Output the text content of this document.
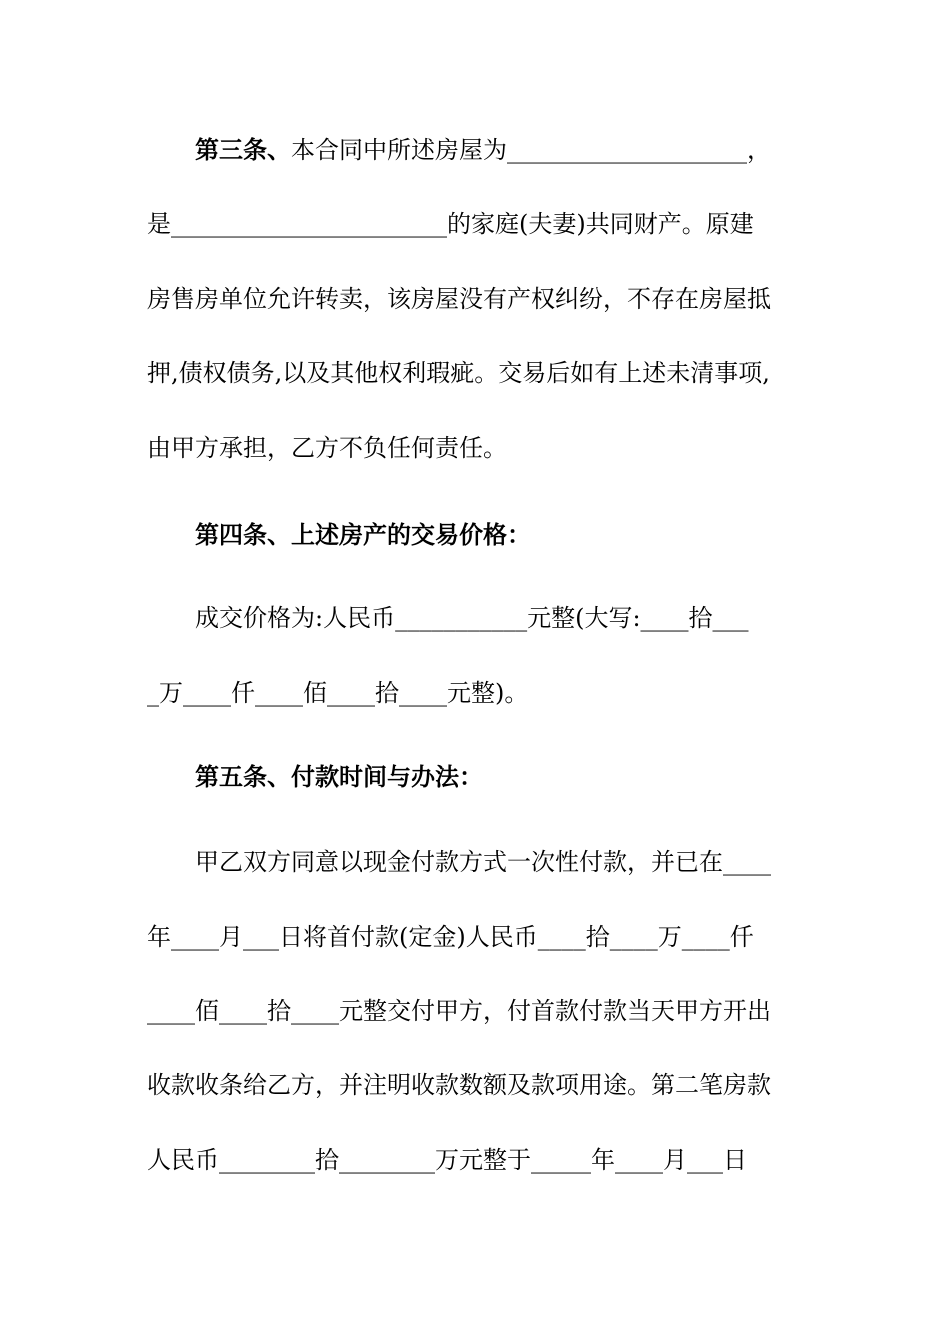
第三条、本合同中所述房屋为____________________，
是_______________________的家庭(夫妻)共同财产。原建
房售房单位允许转卖，该房屋没有产权纠纷，不存在房屋抵
押,债权债务,以及其他权利瑕疵。交易后如有上述未清事项,
由甲方承担，乙方不负任何责任。
第四条、上述房产的交易价格：
成交价格为:人民币___________元整(大写:____拾___
_万____仟____佰____拾____元整)。
第五条、付款时间与办法：
甲乙双方同意以现金付款方式一次性付款，并已在____
年____月___日将首付款(定金)人民币____拾____万____仟
____佰____拾____元整交付甲方，付首款付款当天甲方开出
收款收条给乙方，并注明收款数额及款项用途。第二笔房款
人民币________拾________万元整于_____年____月___日
